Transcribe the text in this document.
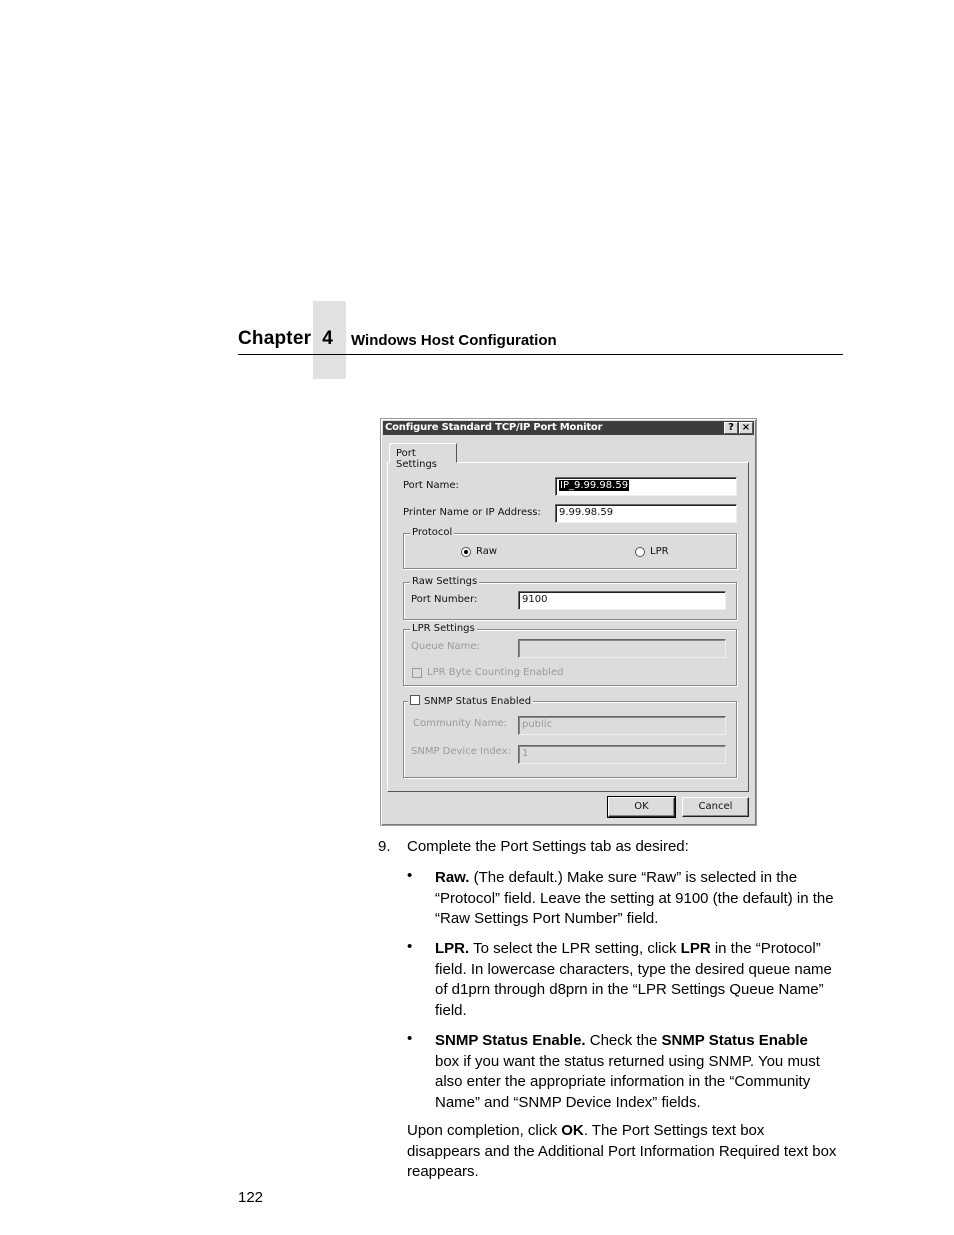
Chapter 4	Windows Host Configuration
Configure Standard TCP/IP Port Monitor	? ×
Port Settings
Port Name:	IP_9.99.98.59
Printer Name or IP Address:	9.99.98.59
Protocol
Raw	LPR
Raw Settings
Port Number:	9100
LPR Settings
Queue Name:
LPR Byte Counting Enabled
SNMP Status Enabled
Community Name:	public
SNMP Device Index:	1
OK	Cancel
9. Complete the Port Settings tab as desired:
• Raw. (The default.) Make sure “Raw” is selected in the
“Protocol” field. Leave the setting at 9100 (the default) in the “Raw Settings Port Number” field.
• LPR. To select the LPR setting, click LPR in the “Protocol”
field. In lowercase characters, type the desired queue name of d1prn through d8prn in the “LPR Settings Queue Name” field.
• SNMP Status Enable. Check the SNMP Status Enable
box if you want the status returned using SNMP. You must also enter the appropriate information in the “Community Name” and “SNMP Device Index” fields.
Upon completion, click OK. The Port Settings text box disappears and the Additional Port Information Required text box reappears.
122
